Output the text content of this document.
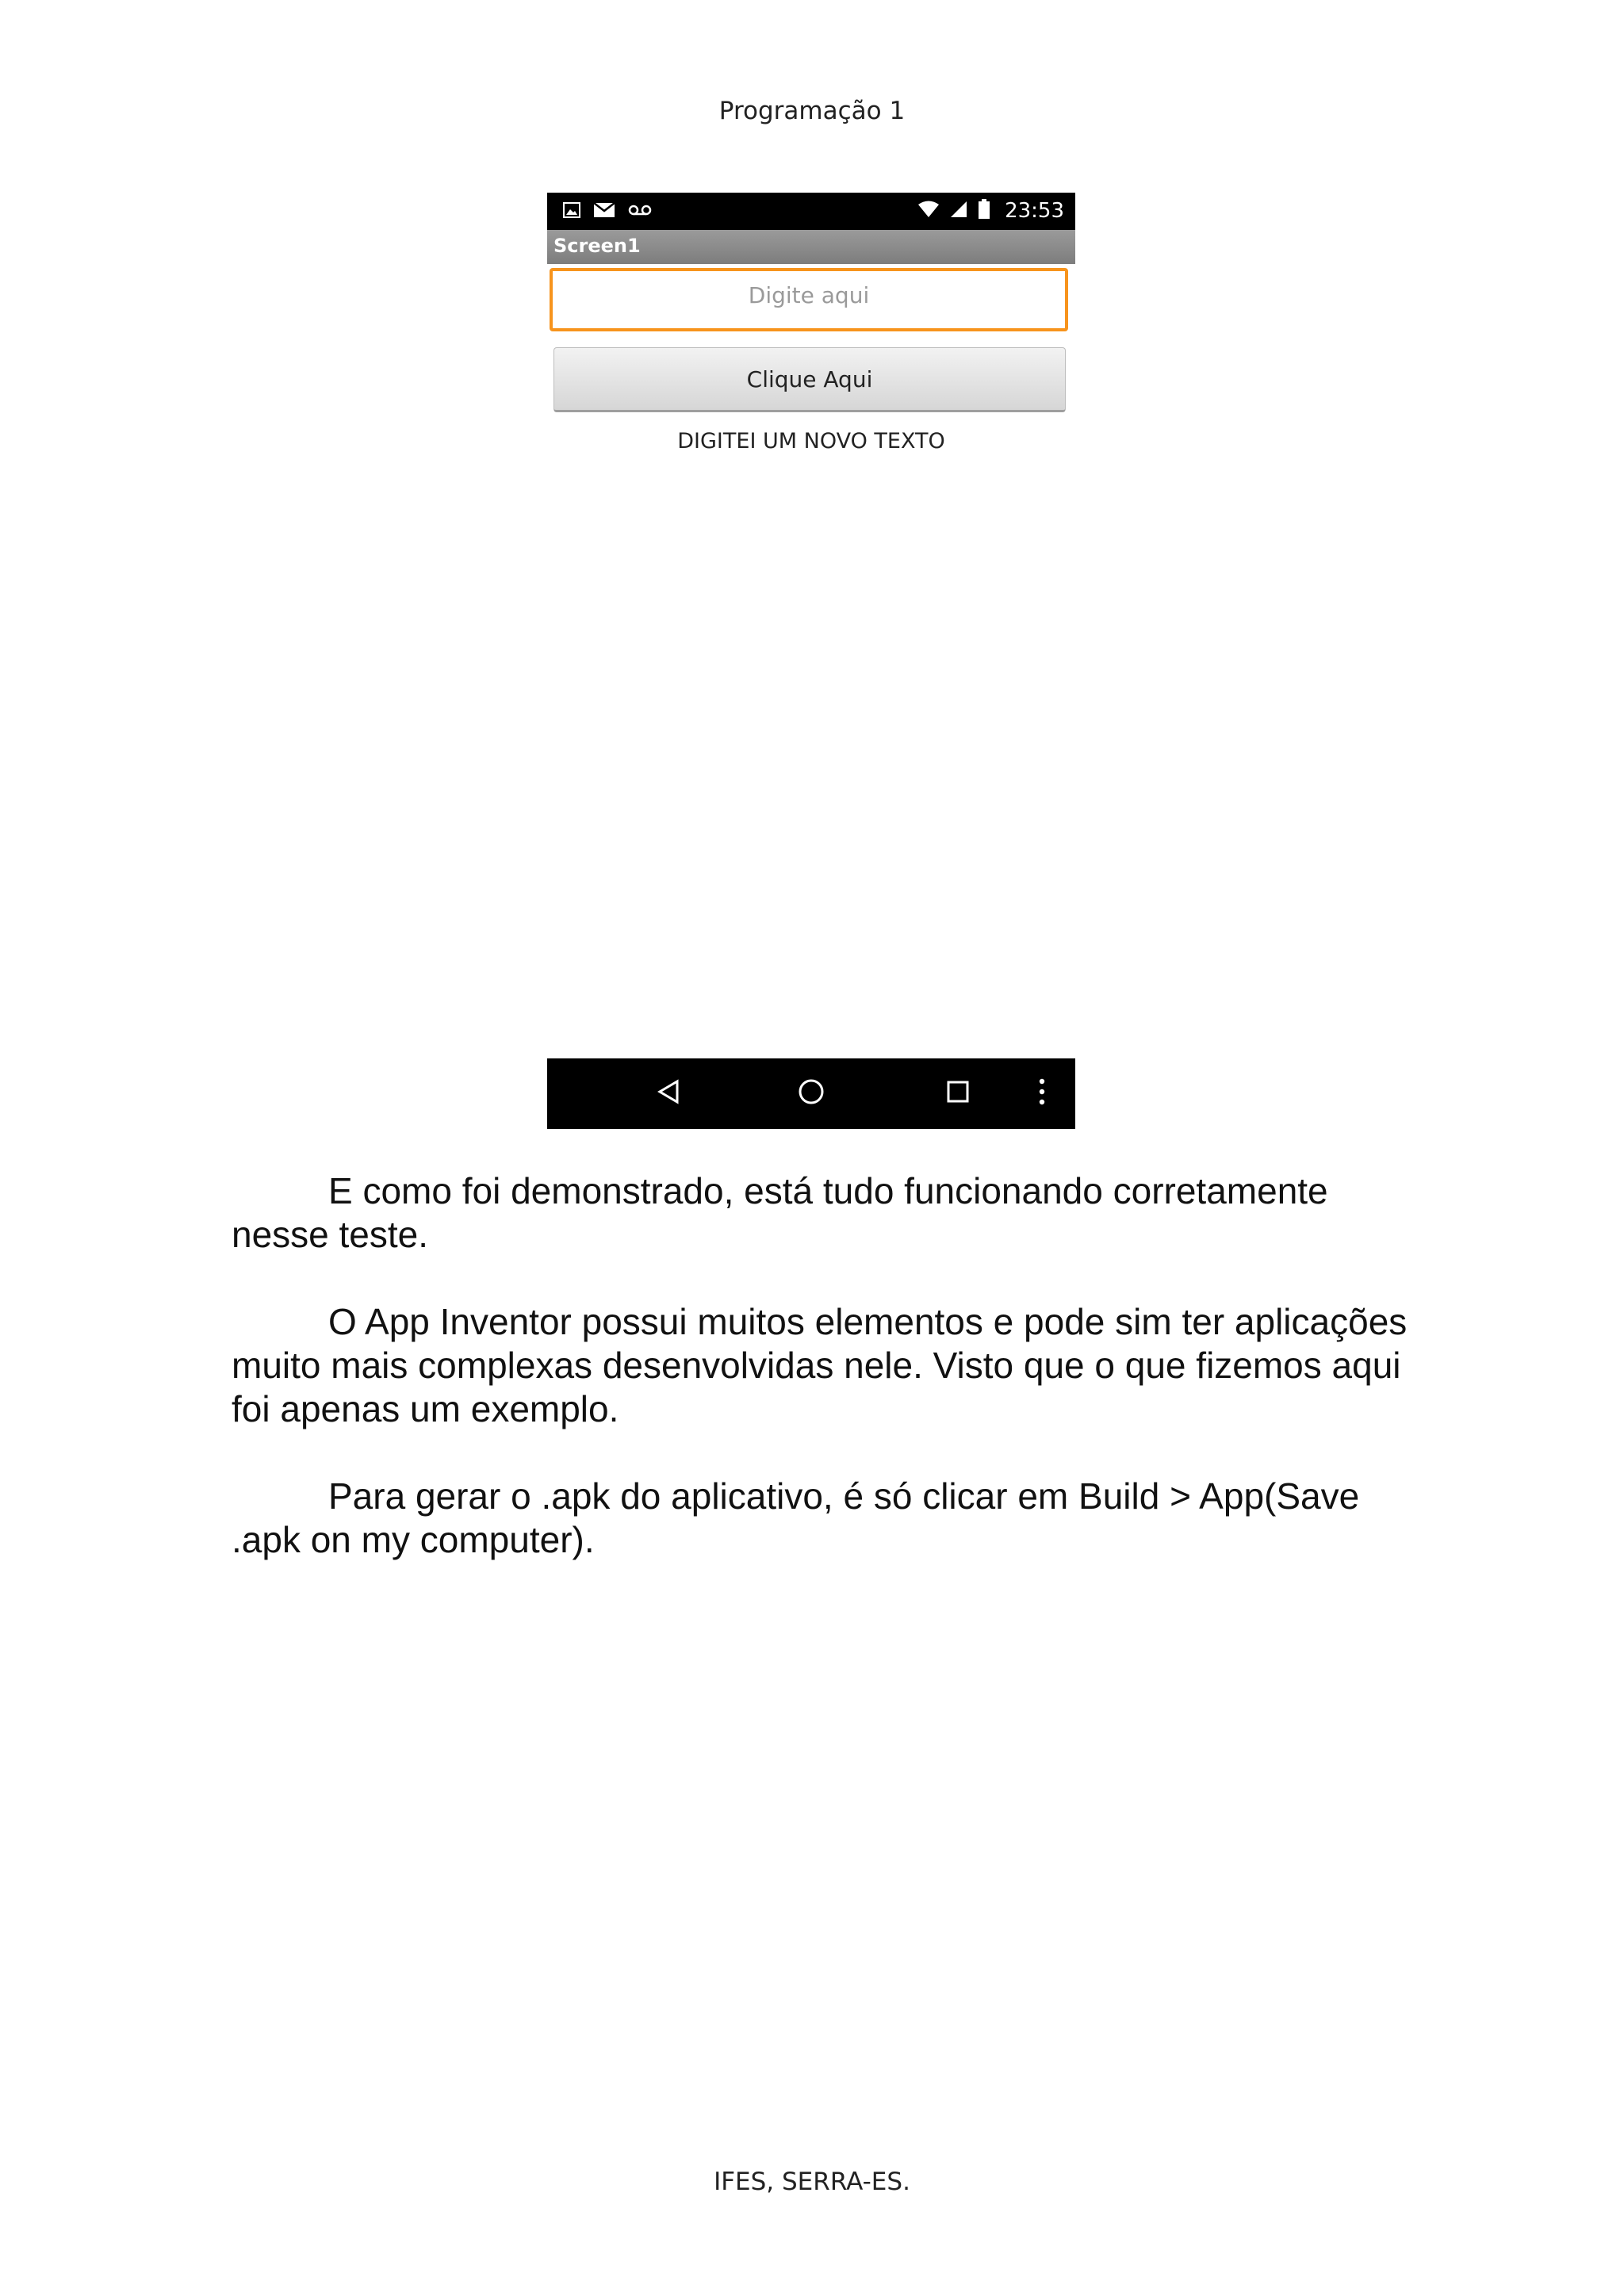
Programação 1
23:53
Screen1
Digite aqui
Clique Aqui
DIGITEI UM NOVO TEXTO

E como foi demonstrado, está tudo funcionando corretamente nesse teste.

O App Inventor possui muitos elementos e pode sim ter aplicações muito mais complexas desenvolvidas nele. Visto que o que fizemos aqui foi apenas um exemplo.

Para gerar o .apk do aplicativo, é só clicar em Build > App(Save .apk on my computer).

IFES, SERRA-ES.
